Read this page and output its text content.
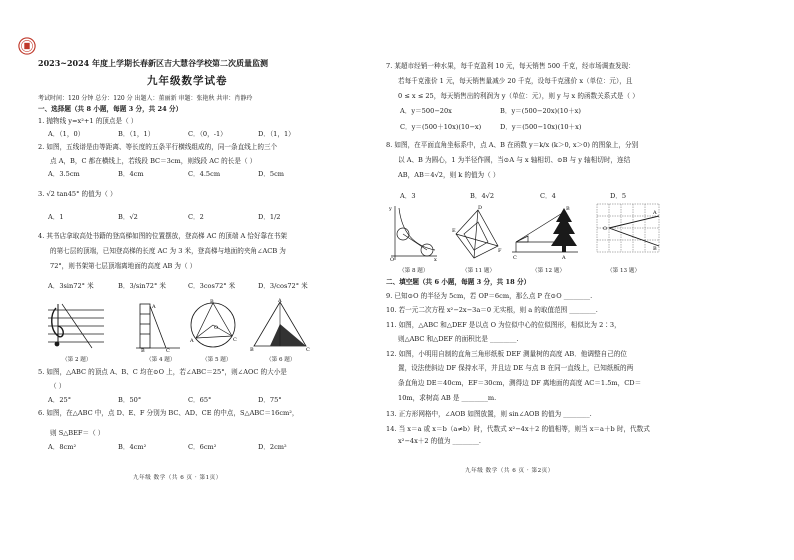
2023~2024 年度上学期长春新区吉大慧谷学校第二次质量监测
九年级数学试卷
考试时间：120 分钟 总分：120 分 出题人：董丽新 审题：张艳秋 共审：肖静玲
一、选择题（共 8 小题，每题 3 分，共 24 分）
1. 抛物线 y=x²+1 的顶点是（ ）
A．（1，0）	B．（1，1）	C．（0，-1）	D．（1，1）
2. 如图，五线谱是由等距离、等长度的五条平行横线组成的，同一条直线上的三个
点 A，B，C 都在横线上，若线段 BC＝3cm，则线段 AC 的长是（ ）
A．3.5cm	B．4cm	C．4.5cm	D．5cm
3. √2 tan45° 的值为（ ）
A．1	B．√2	C．2	D．1/2
4. 其书店拿取高处书籍的登高梯如图的位置摆放，登高梯 AC 的顶端 A 恰好靠在书架
的第七层的顶端，已知登高梯的长度 AC 为 3 米，登高梯与地面的夹角∠ACB 为
72°，则书架第七层顶端离地面的高度 AB 为（ ）
A．3sin72° 米	B．3/sin72° 米	C．3cos72° 米	D．3/cos72° 米
A
B	C
B
A	C
O
A
B	C
（第 2 题）	（第 4 题）	（第 5 题）	（第 6 题）
5. 如图，△ABC 的顶点 A、B、C 均在⊙O 上，若∠ABC＝25°，则∠AOC 的大小是
（ ）
A．25°	B．50°	C．65°	D．75°
6. 如图，在△ABC 中，点 D、E、F 分别为 BC、AD、CE 的中点，S△ABC＝16cm²，
则 S△BEF＝（ ）
A．8cm²	B．4cm²	C．6cm²	D．2cm²
九年级 数学（共 6 页 · 第1页）
7. 某超市经销一种水果，每千克盈利 10 元，每天销售 500 千克，经市场调查发现：
若每千克涨价 1 元，每天销售量减少 20 千克，设每千克涨价 x（单位：元），且
0 ≤ x ≤ 25，每天销售出的利润为 y（单位：元），则 y 与 x 的函数关系式是（ ）
A．y＝500−20x	B．y＝(500−20x)(10＋x)
C．y＝(500＋10x)(10−x)	D．y＝(500−10x)(10＋x)
8. 如图，在平面直角坐标系中，点 A、B 在函数 y＝k/x (k＞0, x＞0) 的图象上，分别
以 A、B 为圆心，1 为半径作圆，当⊙A 与 x 轴相切、⊙B 与 y 轴相切时，连结
AB，AB＝4√2，则 k 的值为（ ）
A．3	B．4√2	C．4	D．5
y
x
O
D
E
F
C	A
B
O
A
B
（第 8 题）	（第 11 题）	（第 12 题）	（第 13 题）
二、填空题（共 6 小题，每题 3 分，共 18 分）
9. 已知⊙O 的半径为 5cm，若 OP＝6cm，那么点 P 在⊙O ________.
10. 若一元二次方程 x²−2x−3a＝0 无实根，则 a 的取值范围 ________.
11. 如图，△ABC 和△DEF 是以点 O 为位似中心的位似图形，相似比为 2∶3，
则△ABC 和△DEF 的面积比是 ________.
12. 如图，小明用自制的直角三角形纸板 DEF 测量树的高度 AB．他调整自己的位
置，设法使斜边 DF 保持水平，并且边 DE 与点 B 在同一直线上，已知纸板的两
条直角边 DE＝40cm，EF＝30cm，测得边 DF 离地面的高度 AC＝1.5m，CD＝
10m，求树高 AB 是 ________m.
13. 正方形网格中，∠AOB 如图放置，则 sin∠AOB 的值为 ________.
14. 当 x＝a 或 x＝b（a≠b）时，代数式 x²−4x＋2 的值相等，则当 x＝a＋b 时，代数式
x²−4x＋2 的值为 ________.
九年级 数学（共 6 页 · 第2页）
